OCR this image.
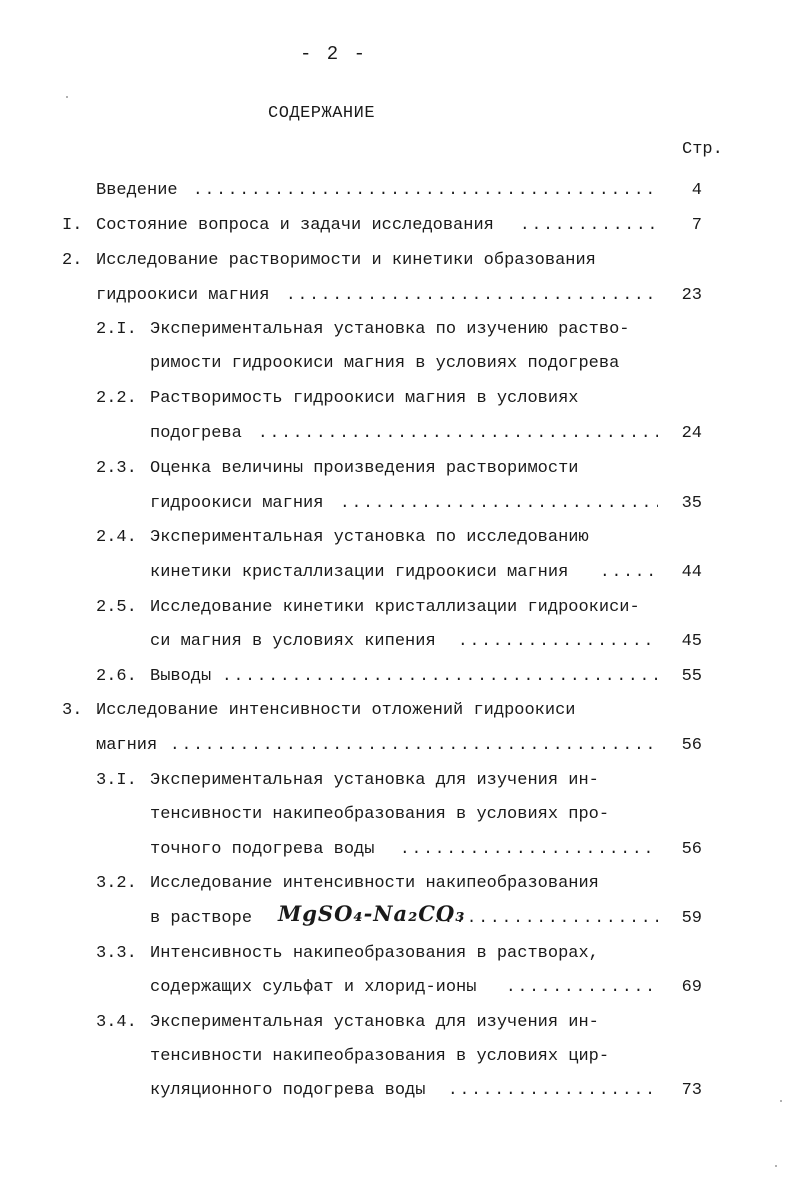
- 2 -
СОДЕРЖАНИЕ
Стр.
Введение .....	4
I. Состояние вопроса и задачи исследования .....	7
2. Исследование растворимости и кинетики образования
гидроокиси магния .....	23
2.I. Экспериментальная установка по изучению раство-
римости гидроокиси магния в условиях подогрева
2.2. Растворимость гидроокиси магния в условиях
подогрева .....	24
2.3. Оценка величины произведения растворимости
гидроокиси магния .....	35
2.4. Экспериментальная установка по исследованию
кинетики кристаллизации гидроокиси магния .....	44
2.5. Исследование кинетики кристаллизации гидроокиси-
си магния в условиях кипения .....	45
2.6. Выводы .....	55
3. Исследование интенсивности отложений гидроокиси
магния .....	56
3.I. Экспериментальная установка для изучения ин-
тенсивности накипеобразования в условиях про-
точного подогрева воды .....	56
3.2. Исследование интенсивности накипеобразования
в растворе MgSO₄-Na₂CO₃ .....	59
3.3. Интенсивность накипеобразования в растворах,
содержащих сульфат и хлорид-ионы .....	69
3.4. Экспериментальная установка для изучения ин-
тенсивности накипеобразования в условиях цир-
куляционного подогрева воды .....	73
